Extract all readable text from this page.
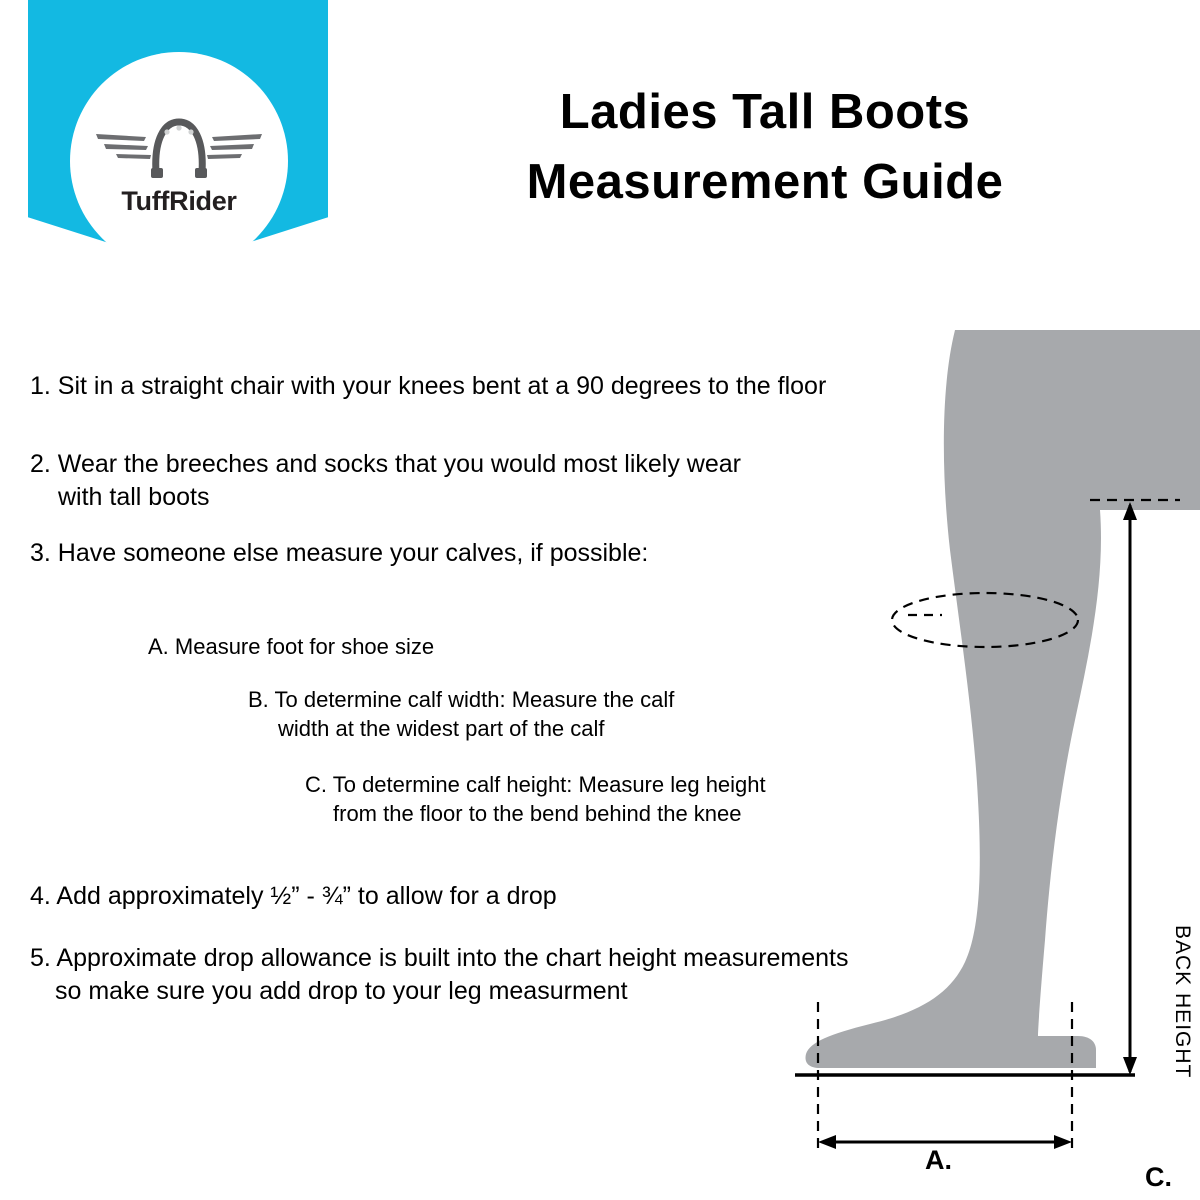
TuffRider
Ladies Tall Boots
Measurement Guide
1. Sit in a straight chair with your knees bent at a 90 degrees to the floor
2. Wear the breeches and socks that you would most likely wear
with tall boots
3. Have someone else measure your calves, if possible:
A. Measure foot for shoe size
B. To determine calf width: Measure the calf
width at the widest part of the calf
C. To determine calf height: Measure leg height
from the floor to the bend behind the knee
4. Add approximately ½” - ¾” to allow for a drop
5. Approximate drop allowance is built into the chart height measurements
so make sure you add drop to your leg measurment	BACK HEIGHT
C.
A.
